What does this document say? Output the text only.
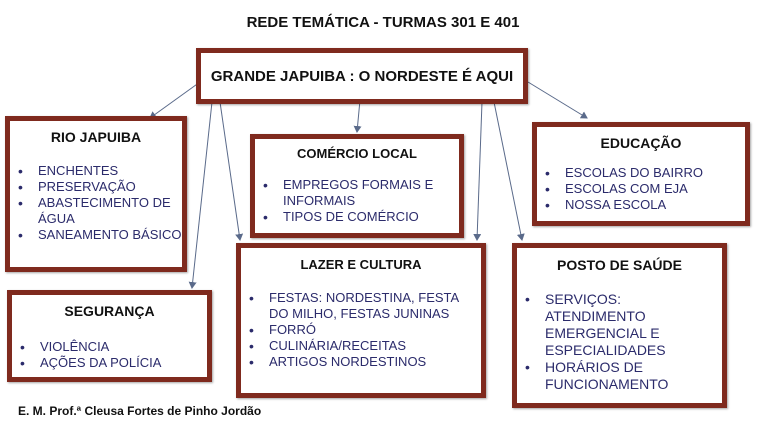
REDE TEMÁTICA - TURMAS 301 E 401
GRANDE JAPUIBA : O NORDESTE É AQUI
RIO JAPUIBA
• ENCHENTES
• PRESERVAÇÃO
• ABASTECIMENTO DE ÁGUA
• SANEAMENTO BÁSICO
COMÉRCIO LOCAL
• EMPREGOS FORMAIS E INFORMAIS
• TIPOS DE COMÉRCIO
EDUCAÇÃO
• ESCOLAS DO BAIRRO
• ESCOLAS COM EJA
• NOSSA ESCOLA
SEGURANÇA
• VIOLÊNCIA
• AÇÕES DA POLÍCIA
LAZER E CULTURA
• FESTAS: NORDESTINA, FESTA DO MILHO, FESTAS JUNINAS
• FORRÓ
• CULINÁRIA/RECEITAS
• ARTIGOS NORDESTINOS
POSTO DE SAÚDE
• SERVIÇOS: ATENDIMENTO EMERGENCIAL E ESPECIALIDADES
• HORÁRIOS DE FUNCIONAMENTO
E. M. Prof.ª Cleusa Fortes de Pinho Jordão
